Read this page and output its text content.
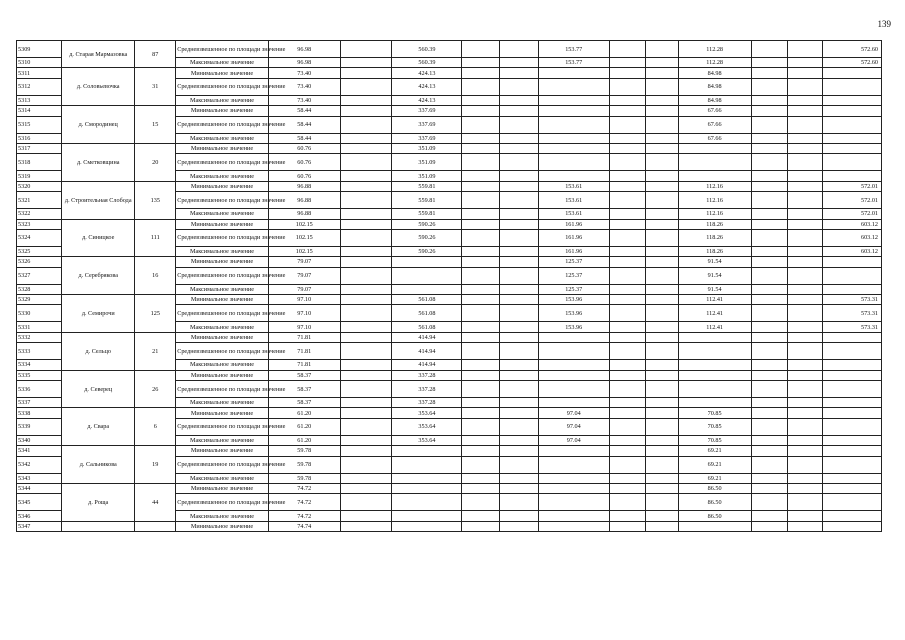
139
5309	д. Старая Мармазовка	87	Средневзвешенное по площади значение	96.98		560.39			153.77			112.28			572.60
5310			Максимальное значение	96.98		560.39			153.77			112.28			572.60
5311	д. Соловьевочка	31	Минимальное значение	73.40		424.13						84.98			
5312			Средневзвешенное по площади значение	73.40		424.13						84.98			
5313			Максимальное значение	73.40		424.13						84.98			
5314	д. Смородинец	15	Минимальное значение	58.44		337.69						67.66			
5315			Средневзвешенное по площади значение	58.44		337.69						67.66			
5316			Максимальное значение	58.44		337.69						67.66			
5317	д. Сметковщина	20	Минимальное значение	60.76		351.09									
5318			Средневзвешенное по площади значение	60.76		351.09									
5319			Максимальное значение	60.76		351.09									
5320	д. Строительная Слобода	135	Минимальное значение	96.88		559.81			153.61			112.16			572.01
5321			Средневзвешенное по площади значение	96.88		559.81			153.61			112.16			572.01
5322			Максимальное значение	96.88		559.81			153.61			112.16			572.01
5323	д. Синицкое	111	Минимальное значение	102.15		590.26			161.96			118.26			603.12
5324			Средневзвешенное по площади значение	102.15		590.26			161.96			118.26			603.12
5325			Максимальное значение	102.15		590.26			161.96			118.26			603.12
5326	д. Серебрякова	16	Минимальное значение	79.07					125.37			91.54			
5327			Средневзвешенное по площади значение	79.07					125.37			91.54			
5328			Максимальное значение	79.07					125.37			91.54			
5329	д. Семирочи	125	Минимальное значение	97.10		561.08			153.96			112.41			573.31
5330			Средневзвешенное по площади значение	97.10		561.08			153.96			112.41			573.31
5331			Максимальное значение	97.10		561.08			153.96			112.41			573.31
5332	д. Сельцо	21	Минимальное значение	71.81		414.94									
5333			Средневзвешенное по площади значение	71.81		414.94									
5334			Максимальное значение	71.81		414.94									
5335	д. Северец	26	Минимальное значение	58.37		337.28									
5336			Средневзвешенное по площади значение	58.37		337.28									
5337			Максимальное значение	58.37		337.28									
5338	д. Свара	6	Минимальное значение	61.20		353.64			97.04			70.85			
5339			Средневзвешенное по площади значение	61.20		353.64			97.04			70.85			
5340			Максимальное значение	61.20		353.64			97.04			70.85			
5341	д. Сальникова	19	Минимальное значение	59.78								69.21			
5342			Средневзвешенное по площади значение	59.78								69.21			
5343			Максимальное значение	59.78								69.21			
5344	д. Роща	44	Минимальное значение	74.72								86.50			
5345			Средневзвешенное по площади значение	74.72								86.50			
5346			Максимальное значение	74.72								86.50			
5347			Минимальное значение	74.74											
